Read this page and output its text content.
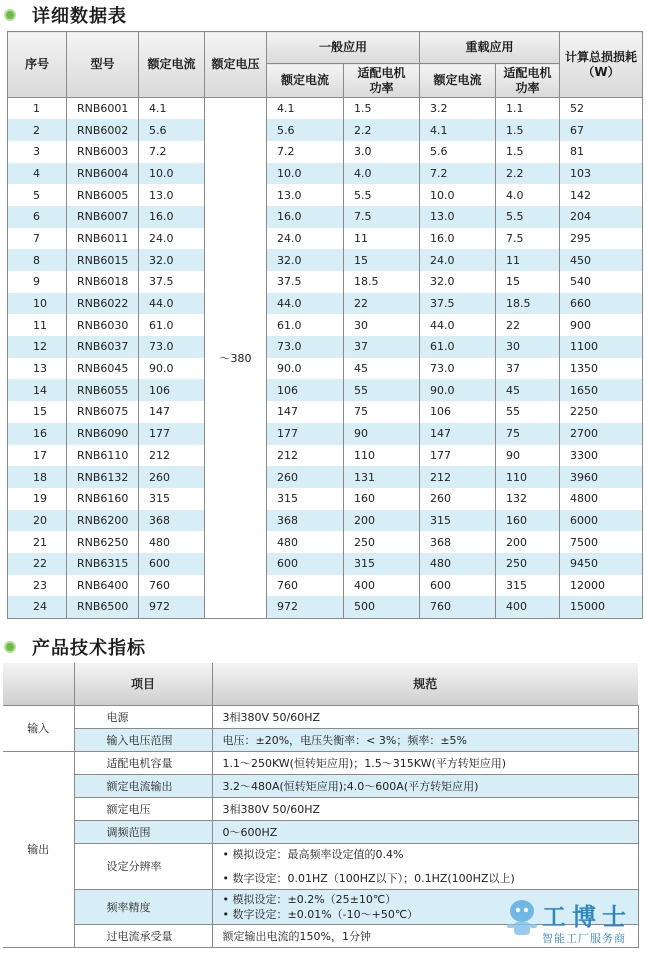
详细数据表
序号	型号	额定电流	额定电压	一般应用		重载应用		计算总损损耗（W）
				额定电流	适配电机功率	额定电流	适配电机功率	
1	RNB6001	4.1	～380	4.1	1.5	3.2	1.1	52
2	RNB6002	5.6		5.6	2.2	4.1	1.5	67
3	RNB6003	7.2		7.2	3.0	5.6	1.5	81
4	RNB6004	10.0		10.0	4.0	7.2	2.2	103
5	RNB6005	13.0		13.0	5.5	10.0	4.0	142
6	RNB6007	16.0		16.0	7.5	13.0	5.5	204
7	RNB6011	24.0		24.0	11	16.0	7.5	295
8	RNB6015	32.0		32.0	15	24.0	11	450
9	RNB6018	37.5		37.5	18.5	32.0	15	540
10	RNB6022	44.0		44.0	22	37.5	18.5	660
11	RNB6030	61.0		61.0	30	44.0	22	900
12	RNB6037	73.0		73.0	37	61.0	30	1100
13	RNB6045	90.0		90.0	45	73.0	37	1350
14	RNB6055	106		106	55	90.0	45	1650
15	RNB6075	147		147	75	106	55	2250
16	RNB6090	177		177	90	147	75	2700
17	RNB6110	212		212	110	177	90	3300
18	RNB6132	260		260	131	212	110	3960
19	RNB6160	315		315	160	260	132	4800
20	RNB6200	368		368	200	315	160	6000
21	RNB6250	480		480	250	368	200	7500
22	RNB6315	600		600	315	480	250	9450
23	RNB6400	760		760	400	600	315	12000
24	RNB6500	972		972	500	760	400	15000
产品技术指标
	项目	规范
输入	电源	3相380V 50/60HZ
	输入电压范围	电压：±20%，电压失衡率：< 3%；频率：±5%
输出	适配电机容量	1.1～250KW(恒转矩应用)；1.5～315KW(平方转矩应用)
	额定电流输出	3.2～480A(恒转矩应用);4.0～600A(平方转矩应用)
	额定电压	3相380V 50/60HZ
	调频范围	0～600HZ
	设定分辨率	• 模拟设定：最高频率设定值的0.4%
• 数字设定：0.01HZ（100HZ以下）；0.1HZ(100HZ以上)

	频率精度	• 模拟设定：±0.2%（25±10℃）
• 数字设定：±0.01%（-10～+50℃）

	过电流承受量	额定输出电流的150%，1分钟
工博士
智能工厂服务商
